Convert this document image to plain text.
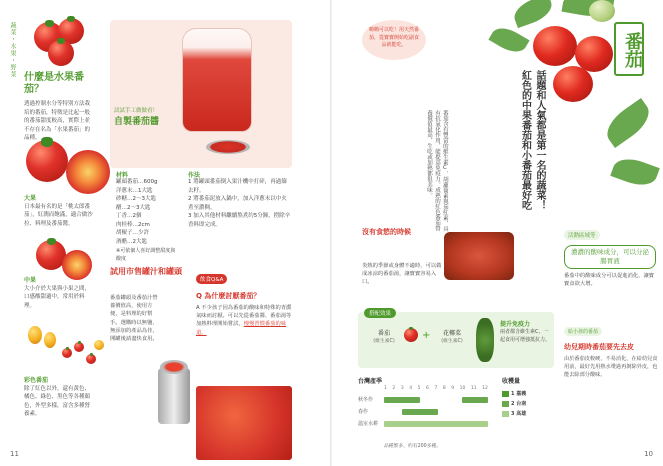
蔬菜・水果・野菜 什麼是水果番茄？
透過控制水分等特別方法栽培的番茄，特徵是比起一般的番茄甜度較高，實際上並不存在名為「水果番茄」的品種。
大果
日本最有名的是「桃太郎番茄」，紅潤而飽滿，適合做沙拉、料理及番茄醬。
中果
大小介於大果與小果之間，口感酸甜適中，常用於料理。
彩色番茄
除了紅色以外，還有黃色、橘色、綠色、黑色等各種顏色，外型多樣，富含多種營養素。
試試手工做做看！
自製番茄醬
材料
罐頭番茄…600g
洋蔥末…1大匙
砂糖…2～3大匙
醋…2～3大匙
丁香…2個
肉桂棒…2cm
胡椒子…少許
酒醋…2大匙
※可依個人喜好調整甜度與酸度
作法
1 將罐頭番茄倒入果汁機中打碎，再過篩去籽。
2 將番茄泥放入鍋中，加入洋蔥末以中火煮至濃稠。
3 加入其他材料繼續熬煮約5分鐘，撈除辛香料即完成。
試用市售罐汁和罐頭
番茄罐頭及番茄汁營養價值高，使用方便，是料理的好幫手。選購時以無鹽、無添加的產品為佳，開罐後請盡快食用。
飲食Q&A
Q 為什麼討厭番茄？
A 不少孩子因為番茄的酸味和特殊的青澀氣味而討厭。可以先從番茄醬、番茄湯等加熱料理開始嘗試，慢慢習慣番茄的味道。
11
番茄
嗨嗨可以吃！用天然番茄，從寶寶開始吃副食品就能吃。
話題和人氣都是第一名的蔬菜！紅色的中果番茄和小番茄最好吃
番茄含有豐富的維生素C、胡蘿蔔素與茄紅素，具有抗氧化作用，能提高免疫力。成熟的紅色番茄營養價值最高，生吃或加熱都很美味。
活動區域等
濃濃的酸味成分，可以分泌腸胃液
番茄中的酸味成分可以促進消化，讓寶寶食欲大增。
沒有食慾的時候
炎熱的季節或身體不適時，可以做成冰涼的番茄湯，讓寶寶容易入口。
搭配效果
番茄
(維生素C)
+	花椰菜
(維生素C)
提升免疫力
兩者都含維生素C，一起食用可增強抵抗力。
台灣產季
1 2 3 4 5 6 7 8 9 10 11 12
秋冬作
春作
溫室水耕
收穫量
1 嘉義
2 台南
3 高雄
品種繁多，約有200多種。
給小孩的番茄
幼兒期時番茄要先去皮
由於番茄皮較硬，不易消化，在給幼兒食用前，最好先用熱水燙過再剝除外皮，也能去除部分酸味。
10
